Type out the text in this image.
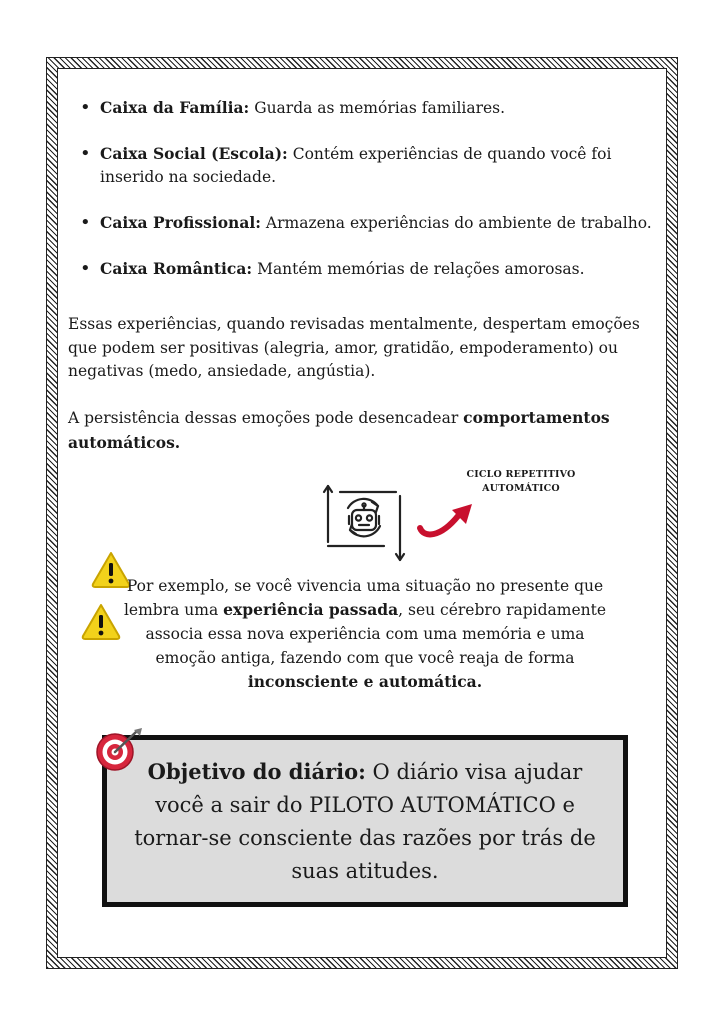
• Caixa da Família: Guarda as memórias familiares.
• Caixa Social (Escola): Contém experiências de quando você foi inserido na sociedade.
• Caixa Profissional: Armazena experiências do ambiente de trabalho.
• Caixa Romântica: Mantém memórias de relações amorosas.

Essas experiências, quando revisadas mentalmente, despertam emoções que podem ser positivas (alegria, amor, gratidão, empoderamento) ou negativas (medo, ansiedade, angústia).

A persistência dessas emoções pode desencadear comportamentos automáticos.

CICLO REPETITIVO
AUTOMÁTICO

Por exemplo, se você vivencia uma situação no presente que lembra uma experiência passada, seu cérebro rapidamente associa essa nova experiência com uma memória e uma emoção antiga, fazendo com que você reaja de forma inconsciente e automática.

Objetivo do diário: O diário visa ajudar você a sair do PILOTO AUTOMÁTICO e tornar-se consciente das razões por trás de suas atitudes.
